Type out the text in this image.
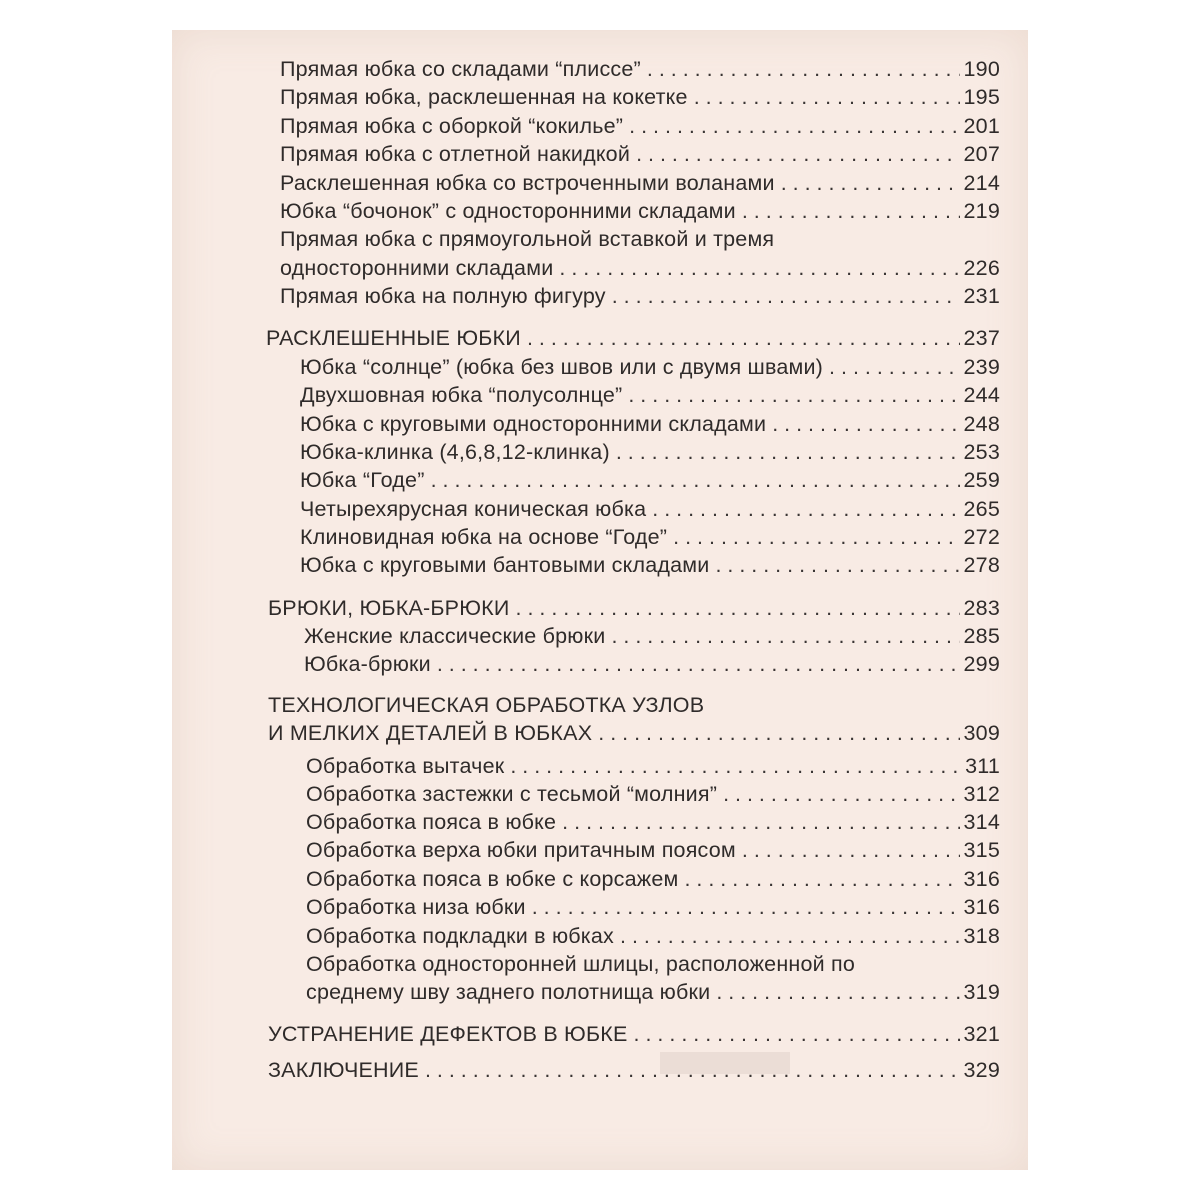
Прямая юбка со складами “плиссе” . . .	190
Прямая юбка, расклешенная на кокетке . . .	195
Прямая юбка с оборкой “кокилье” . . .	201
Прямая юбка с отлетной накидкой . . .	207
Расклешенная юбка со встроченными воланами . . .	214
Юбка “бочонок” с односторонними складами . . .	219
Прямая юбка с прямоугольной вставкой и тремя
односторонними складами . . .	226
Прямая юбка на полную фигуру . . .	231
РАСКЛЕШЕННЫЕ ЮБКИ . . .	237
Юбка “солнце” (юбка без швов или с двумя швами) . . .	239
Двухшовная юбка “полусолнце” . . .	244
Юбка с круговыми односторонними складами . . .	248
Юбка-клинка (4,6,8,12-клинка) . . .	253
Юбка “Годе” . . .	259
Четырехярусная коническая юбка . . .	265
Клиновидная юбка на основе “Годе” . . .	272
Юбка с круговыми бантовыми складами . . .	278
БРЮКИ, ЮБКА-БРЮКИ . . .	283
Женские классические брюки . . .	285
Юбка-брюки . . .	299
ТЕХНОЛОГИЧЕСКАЯ ОБРАБОТКА УЗЛОВ
И МЕЛКИХ ДЕТАЛЕЙ В ЮБКАХ . . .	309
Обработка вытачек . . .	311
Обработка застежки с тесьмой “молния” . . .	312
Обработка пояса в юбке . . .	314
Обработка верха юбки притачным поясом . . .	315
Обработка пояса в юбке с корсажем . . .	316
Обработка низа юбки . . .	316
Обработка подкладки в юбках . . .	318
Обработка односторонней шлицы, расположенной по
среднему шву заднего полотнища юбки . . .	319
УСТРАНЕНИЕ ДЕФЕКТОВ В ЮБКЕ . . .	321
ЗАКЛЮЧЕНИЕ . . .	329
